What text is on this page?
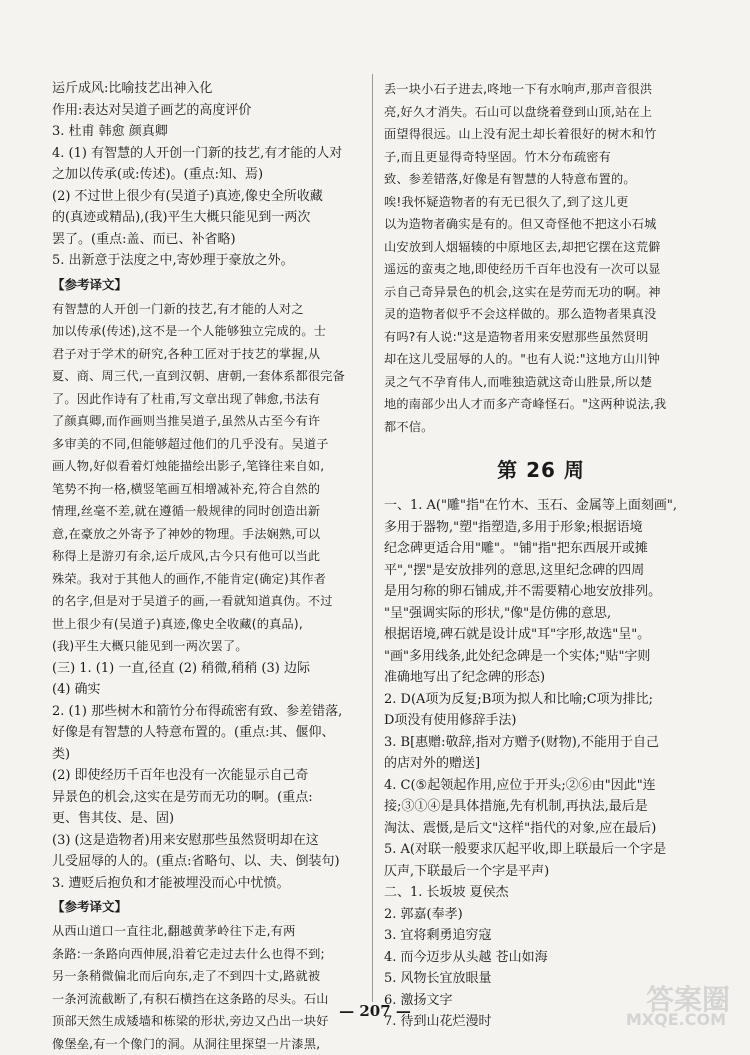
运斤成风:比喻技艺出神入化

作用:表达对吴道子画艺的高度评价

3. 杜甫 韩愈 颜真卿

4. (1) 有智慧的人开创一门新的技艺,有才能的人对

之加以传承(或:传述)。(重点:知、焉)

(2) 不过世上很少有(吴道子)真迹,像史全所收藏

的(真迹或精品),(我)平生大概只能见到一两次

罢了。(重点:盖、而已、补省略)

5. 出新意于法度之中,寄妙理于豪放之外。

【参考译文】

有智慧的人开创一门新的技艺,有才能的人对之

加以传承(传述),这不是一个人能够独立完成的。士

君子对于学术的研究,各种工匠对于技艺的掌握,从

夏、商、周三代,一直到汉朝、唐朝,一套体系都很完备

了。因此作诗有了杜甫,写文章出现了韩愈,书法有

了颜真卿,而作画则当推吴道子,虽然从古至今有许

多审美的不同,但能够超过他们的几乎没有。吴道子

画人物,好似看着灯烛能描绘出影子,笔锋往来自如,

笔势不拘一格,横竖笔画互相增减补充,符合自然的

情理,丝毫不差,就在遵循一般规律的同时创造出新

意,在豪放之外寄予了神妙的物理。手法娴熟,可以

称得上是游刃有余,运斤成风,古今只有他可以当此

殊荣。我对于其他人的画作,不能肯定(确定)其作者

的名字,但是对于吴道子的画,一看就知道真伪。不过

世上很少有(吴道子)真迹,像史全收藏(的真品),

(我)平生大概只能见到一两次罢了。

(三) 1. (1) 一直,径直 (2) 稍微,稍稍 (3) 边际

(4) 确实

2. (1) 那些树木和箭竹分布得疏密有致、参差错落,

好像是有智慧的人特意布置的。(重点:其、偃仰、

类)

(2) 即使经历千百年也没有一次能显示自己奇

异景色的机会,这实在是劳而无功的啊。(重点:

更、售其伎、是、固)

(3) (这是造物者)用来安慰那些虽然贤明却在这

儿受屈辱的人的。(重点:省略句、以、夫、倒装句)

3. 遭贬后抱负和才能被埋没而心中忧愤。

【参考译文】

从西山道口一直往北,翻越黄茅岭往下走,有两

条路:一条路向西伸展,沿着它走过去什么也得不到;

另一条稍微偏北而后向东,走了不到四十丈,路就被

一条河流截断了,有积石横挡在这条路的尽头。石山

顶部天然生成矮墙和栋梁的形状,旁边又凸出一块好

像堡垒,有一个像门的洞。从洞往里探望一片漆黑,

丢一块小石子进去,咚地一下有水响声,那声音很洪

亮,好久才消失。石山可以盘绕着登到山顶,站在上

面望得很远。山上没有泥土却长着很好的树木和竹

子,而且更显得奇特坚固。竹木分布疏密有

致、参差错落,好像是有智慧的人特意布置的。

唉!我怀疑造物者的有无已很久了,到了这儿更

以为造物者确实是有的。但又奇怪他不把这小石城

山安放到人烟辐辏的中原地区去,却把它摆在这荒僻

遥远的蛮夷之地,即使经历千百年也没有一次可以显

示自己奇异景色的机会,这实在是劳而无功的啊。神

灵的造物者似乎不会这样做的。那么造物者果真没

有吗?有人说:"这是造物者用来安慰那些虽然贤明

却在这儿受屈辱的人的。"也有人说:"这地方山川钟

灵之气不孕育伟人,而唯独造就这奇山胜景,所以楚

地的南部少出人才而多产奇峰怪石。"这两种说法,我

都不信。

第 26 周

一、1. A("雕"指"在竹木、玉石、金属等上面刻画",

多用于器物,"塑"指塑造,多用于形象;根据语境

纪念碑更适合用"雕"。"铺"指"把东西展开或摊

平","摆"是安放排列的意思,这里纪念碑的四周

是用匀称的卵石铺成,并不需要精心地安放排列。

"呈"强调实际的形状,"像"是仿佛的意思,

根据语境,碑石就是设计成"耳"字形,故选"呈"。

"画"多用线条,此处纪念碑是一个实体;"贴"字则

准确地写出了纪念碑的形态)

2. D(A项为反复;B项为拟人和比喻;C项为排比;

D项没有使用修辞手法)

3. B[惠赠:敬辞,指对方赠予(财物),不能用于自己

的店对外的赠送]

4. C(⑤起领起作用,应位于开头;②⑥由"因此"连

接;③①④是具体措施,先有机制,再执法,最后是

淘汰、震慑,是后文"这样"指代的对象,应在最后)

5. A(对联一般要求仄起平收,即上联最后一个字是

仄声,下联最后一个字是平声)

二、1. 长坂坡 夏侯杰

2. 郭嘉(奉孝)

3. 宜将剩勇追穷寇

4. 而今迈步从头越 苍山如海

5. 风物长宜放眼量

6. 激扬文字

7. 待到山花烂漫时

— 207 —	答案圈
MXQE.COM
